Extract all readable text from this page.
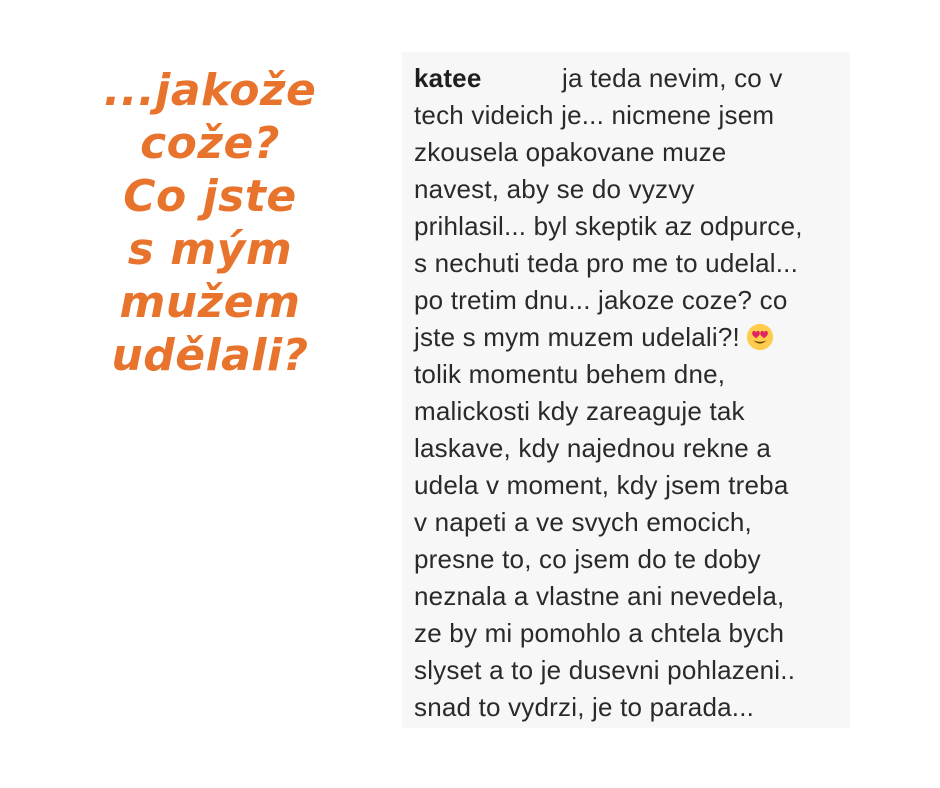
...jakože
cože?
Co jste
s mým
mužem
udělali?
katee	ja teda nevim, co v
tech videich je... nicmene jsem
zkousela opakovane muze
navest, aby se do vyzvy
prihlasil... byl skeptik az odpurce,
s nechuti teda pro me to udelal...
po tretim dnu... jakoze coze? co
jste s mym muzem udelali?!
tolik momentu behem dne,
malickosti kdy zareaguje tak
laskave, kdy najednou rekne a
udela v moment, kdy jsem treba
v napeti a ve svych emocich,
presne to, co jsem do te doby
neznala a vlastne ani nevedela,
ze by mi pomohlo a chtela bych
slyset a to je dusevni pohlazeni..
snad to vydrzi, je to parada...
